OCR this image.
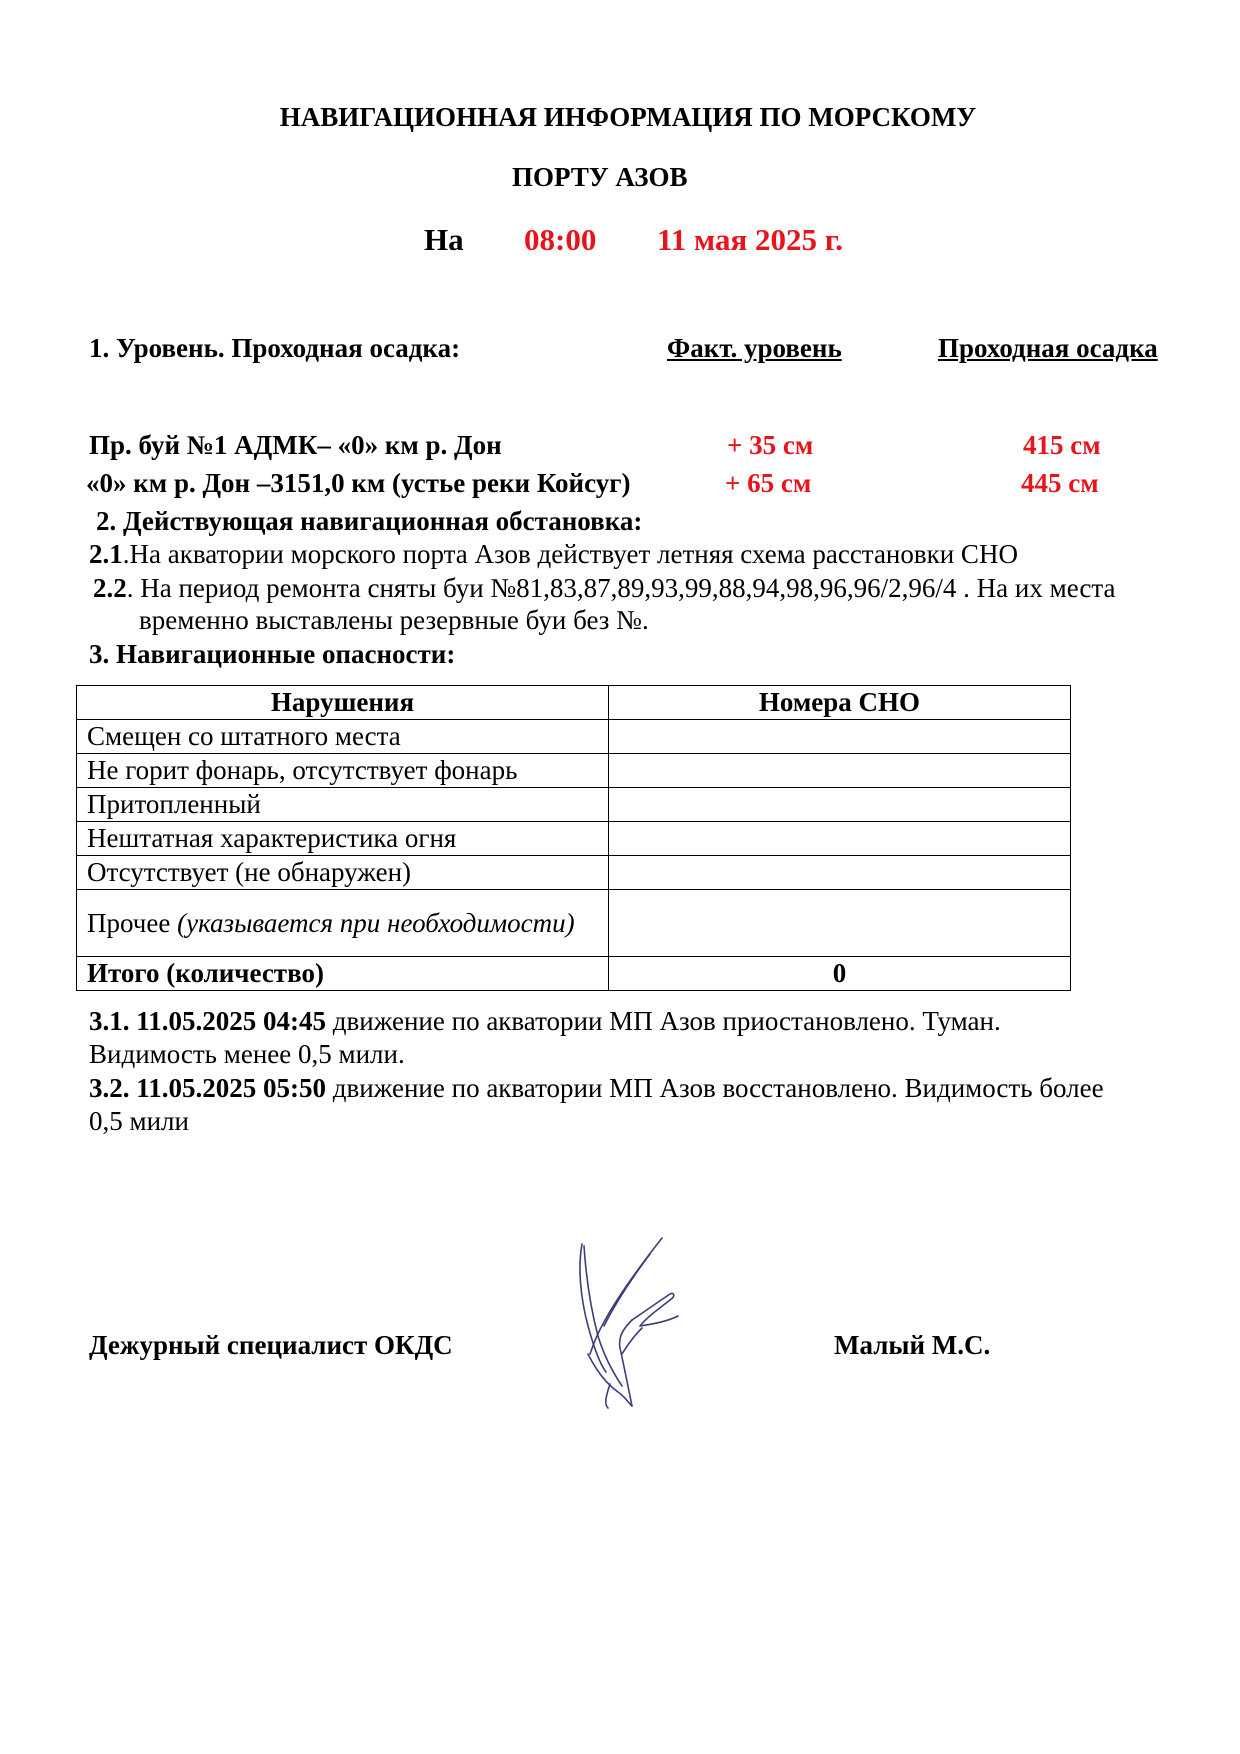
НАВИГАЦИОННАЯ ИНФОРМАЦИЯ ПО МОРСКОМУ
ПОРТУ АЗОВ
На 08:00 11 мая 2025 г.
1. Уровень. Проходная осадка:	Факт. уровень	Проходная осадка
Пр. буй №1 АДМК– «0» км р. Дон	+ 35 см	415 см
«0» км р. Дон –3151,0 км (устье реки Койсуг)	+ 65 см	445 см
2. Действующая навигационная обстановка:
2.1.На акватории морского порта Азов действует летняя схема расстановки СНО
2.2. На период ремонта сняты буи №81,83,87,89,93,99,88,94,98,96,96/2,96/4 . На их места
временно выставлены резервные буи без №.
3. Навигационные опасности:
Нарушения	Номера СНО
Смещен со штатного места	
Не горит фонарь, отсутствует фонарь	
Притопленный	
Нештатная характеристика огня	
Отсутствует (не обнаружен)	
Прочее (указывается при необходимости)	
Итого (количество)	0
3.1. 11.05.2025 04:45 движение по акватории МП Азов приостановлено. Туман.
Видимость менее 0,5 мили.
3.2. 11.05.2025 05:50 движение по акватории МП Азов восстановлено. Видимость более
0,5 мили
Дежурный специалист ОКДС	Малый М.С.
